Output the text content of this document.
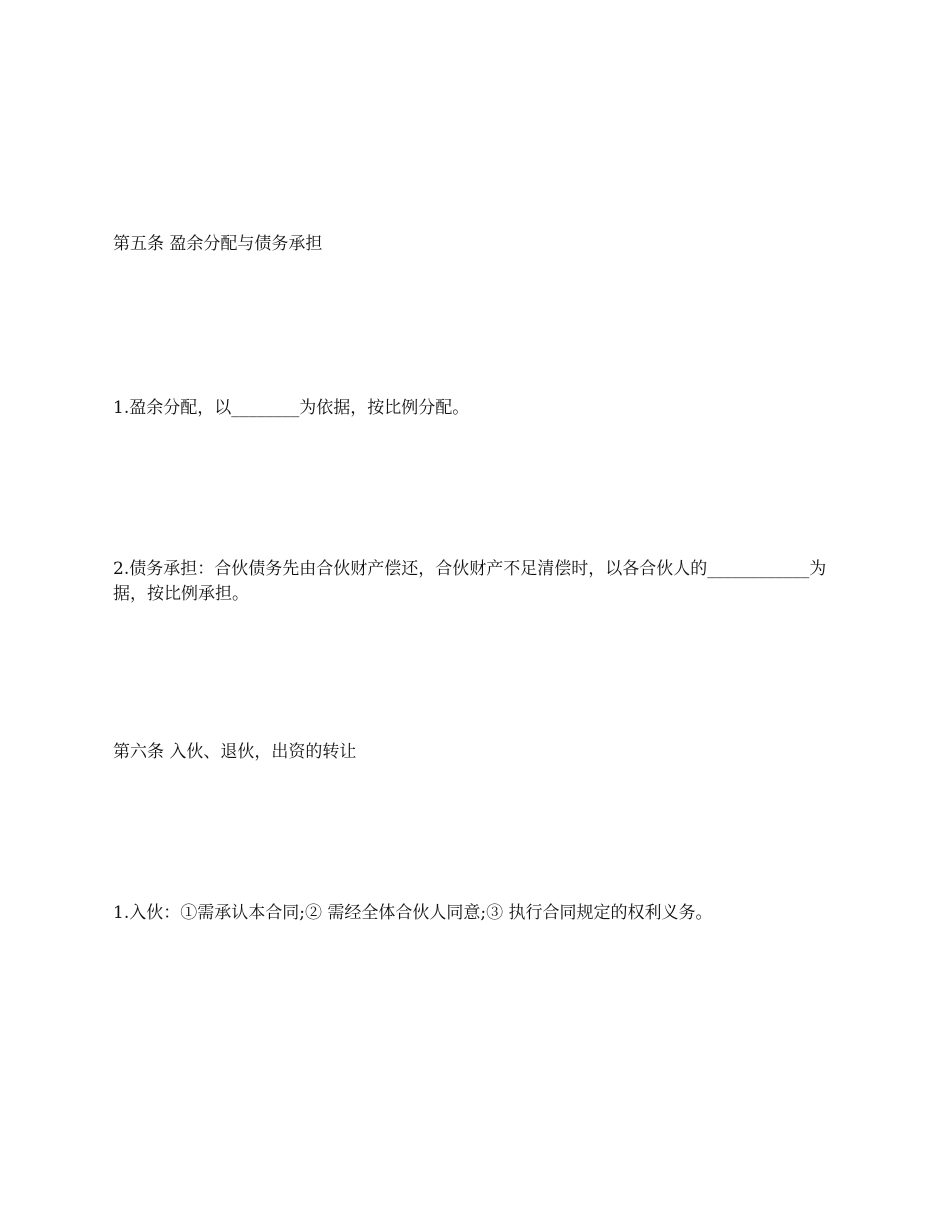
第五条 盈余分配与债务承担

1.盈余分配，以________为依据，按比例分配。

2.债务承担：合伙债务先由合伙财产偿还，合伙财产不足清偿时，以各合伙人的____________为据，按比例承担。

第六条 入伙、退伙，出资的转让

1.入伙：①需承认本合同;② 需经全体合伙人同意;③ 执行合同规定的权利义务。
